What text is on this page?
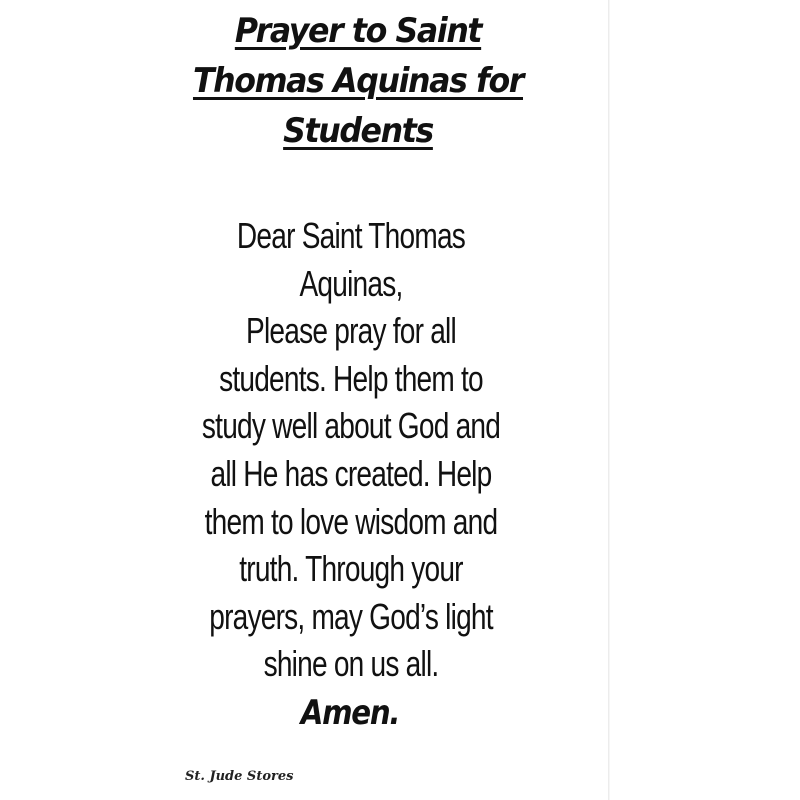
Prayer to Saint
Thomas Aquinas for
Students
Dear Saint Thomas
Aquinas,
Please pray for all
students. Help them to
study well about God and
all He has created. Help
them to love wisdom and
truth. Through your
prayers, may God’s light
shine on us all.

Amen.

St. Jude Stores
